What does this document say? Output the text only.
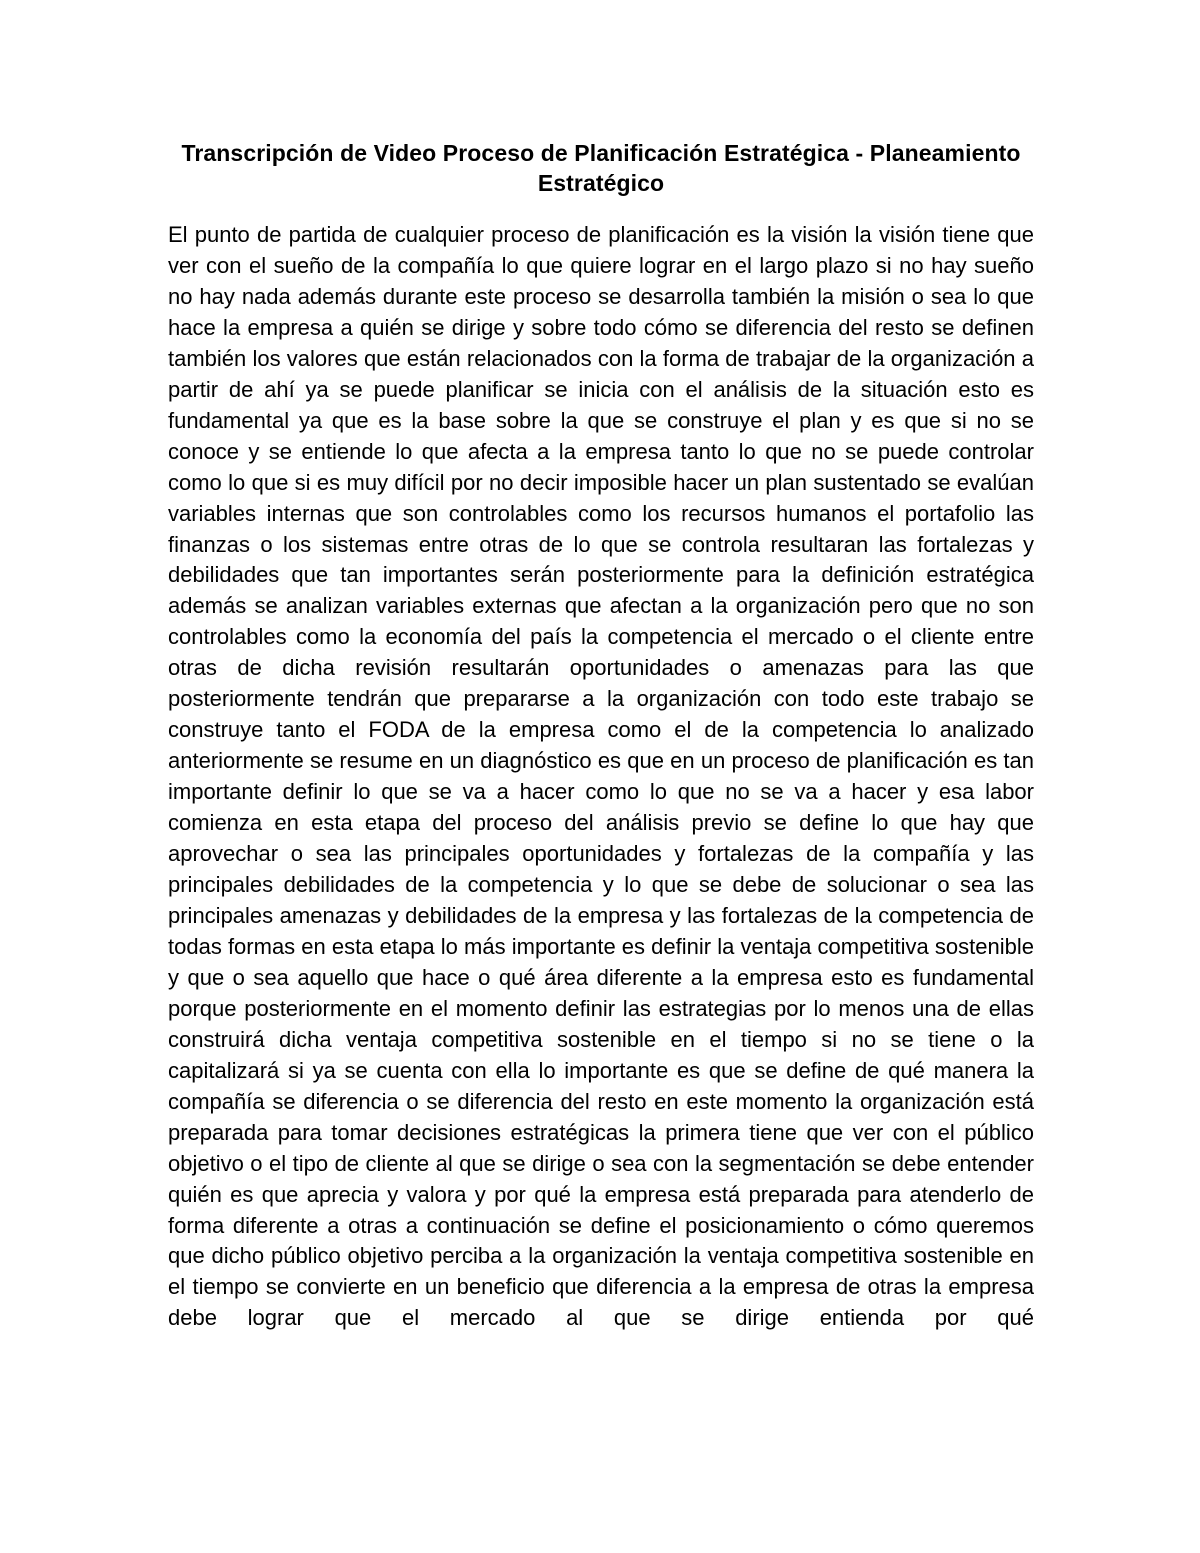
Transcripción de Video Proceso de Planificación Estratégica - Planeamiento Estratégico

El punto de partida de cualquier proceso de planificación es la visión la visión tiene que ver con el sueño de la compañía lo que quiere lograr en el largo plazo si no hay sueño no hay nada además durante este proceso se desarrolla también la misión o sea lo que hace la empresa a quién se dirige y sobre todo cómo se diferencia del resto se definen también los valores que están relacionados con la forma de trabajar de la organización a partir de ahí ya se puede planificar se inicia con el análisis de la situación esto es fundamental ya que es la base sobre la que se construye el plan y es que si no se conoce y se entiende lo que afecta a la empresa tanto lo que no se puede controlar como lo que si es muy difícil por no decir imposible hacer un plan sustentado se evalúan variables internas que son controlables como los recursos humanos el portafolio las finanzas o los sistemas entre otras de lo que se controla resultaran las fortalezas y debilidades que tan importantes serán posteriormente para la definición estratégica además se analizan variables externas que afectan a la organización pero que no son controlables como la economía del país la competencia el mercado o el cliente entre otras de dicha revisión resultarán oportunidades o amenazas para las que posteriormente tendrán que prepararse a la organización con todo este trabajo se construye tanto el FODA de la empresa como el de la competencia lo analizado anteriormente se resume en un diagnóstico es que en un proceso de planificación es tan importante definir lo que se va a hacer como lo que no se va a hacer y esa labor comienza en esta etapa del proceso del análisis previo se define lo que hay que aprovechar o sea las principales oportunidades y fortalezas de la compañía y las principales debilidades de la competencia y lo que se debe de solucionar o sea las principales amenazas y debilidades de la empresa y las fortalezas de la competencia de todas formas en esta etapa lo más importante es definir la ventaja competitiva sostenible y que o sea aquello que hace o qué área diferente a la empresa esto es fundamental porque posteriormente en el momento definir las estrategias por lo menos una de ellas construirá dicha ventaja competitiva sostenible en el tiempo si no se tiene o la capitalizará si ya se cuenta con ella lo importante es que se define de qué manera la compañía se diferencia o se diferencia del resto en este momento la organización está preparada para tomar decisiones estratégicas la primera tiene que ver con el público objetivo o el tipo de cliente al que se dirige o sea con la segmentación se debe entender quién es que aprecia y valora y por qué la empresa está preparada para atenderlo de forma diferente a otras a continuación se define el posicionamiento o cómo queremos que dicho público objetivo perciba a la organización la ventaja competitiva sostenible en el tiempo se convierte en un beneficio que diferencia a la empresa de otras la empresa debe lograr que el mercado al que se dirige entienda por qué
